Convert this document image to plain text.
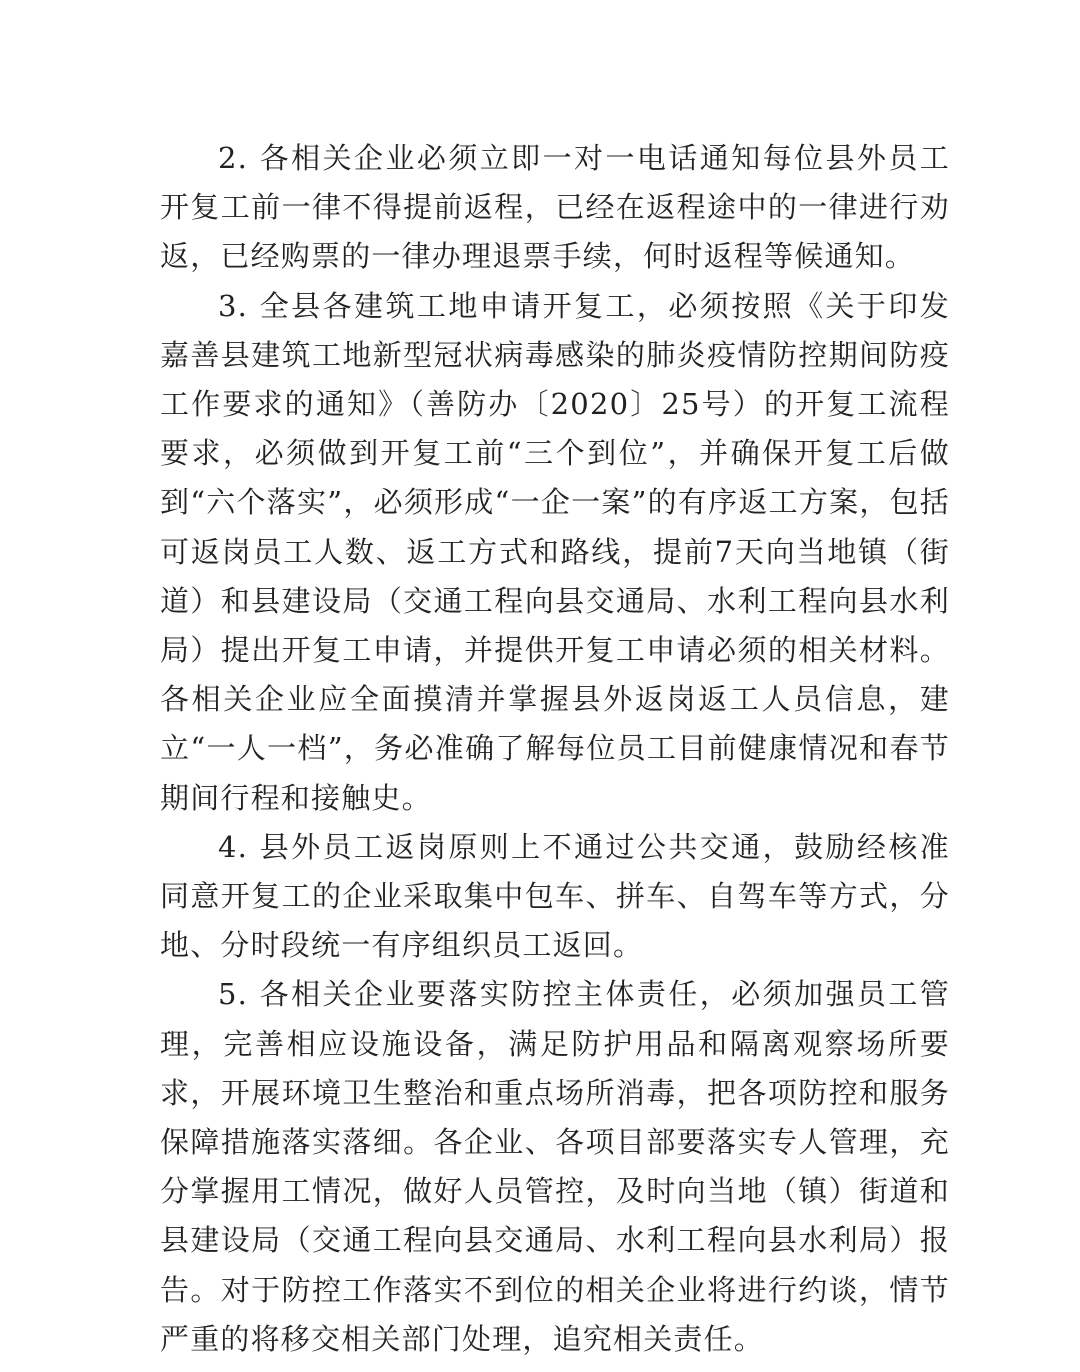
2. 各相关企业必须立即一对一电话通知每位县外员工开复工前一律不得提前返程，已经在返程途中的一律进行劝返，已经购票的一律办理退票手续，何时返程等候通知。

3. 全县各建筑工地申请开复工，必须按照《关于印发嘉善县建筑工地新型冠状病毒感染的肺炎疫情防控期间防疫工作要求的通知》（善防办〔2020〕25号）的开复工流程要求，必须做到开复工前“三个到位”，并确保开复工后做到“六个落实”，必须形成“一企一案”的有序返工方案，包括可返岗员工人数、返工方式和路线，提前7天向当地镇（街道）和县建设局（交通工程向县交通局、水利工程向县水利局）提出开复工申请，并提供开复工申请必须的相关材料。各相关企业应全面摸清并掌握县外返岗返工人员信息，建立“一人一档”，务必准确了解每位员工目前健康情况和春节期间行程和接触史。

4. 县外员工返岗原则上不通过公共交通，鼓励经核准同意开复工的企业采取集中包车、拼车、自驾车等方式，分地、分时段统一有序组织员工返回。

5. 各相关企业要落实防控主体责任，必须加强员工管理，完善相应设施设备，满足防护用品和隔离观察场所要求，开展环境卫生整治和重点场所消毒，把各项防控和服务保障措施落实落细。各企业、各项目部要落实专人管理，充分掌握用工情况，做好人员管控，及时向当地（镇）街道和县建设局（交通工程向县交通局、水利工程向县水利局）报告。对于防控工作落实不到位的相关企业将进行约谈，情节严重的将移交相关部门处理，追究相关责任。
